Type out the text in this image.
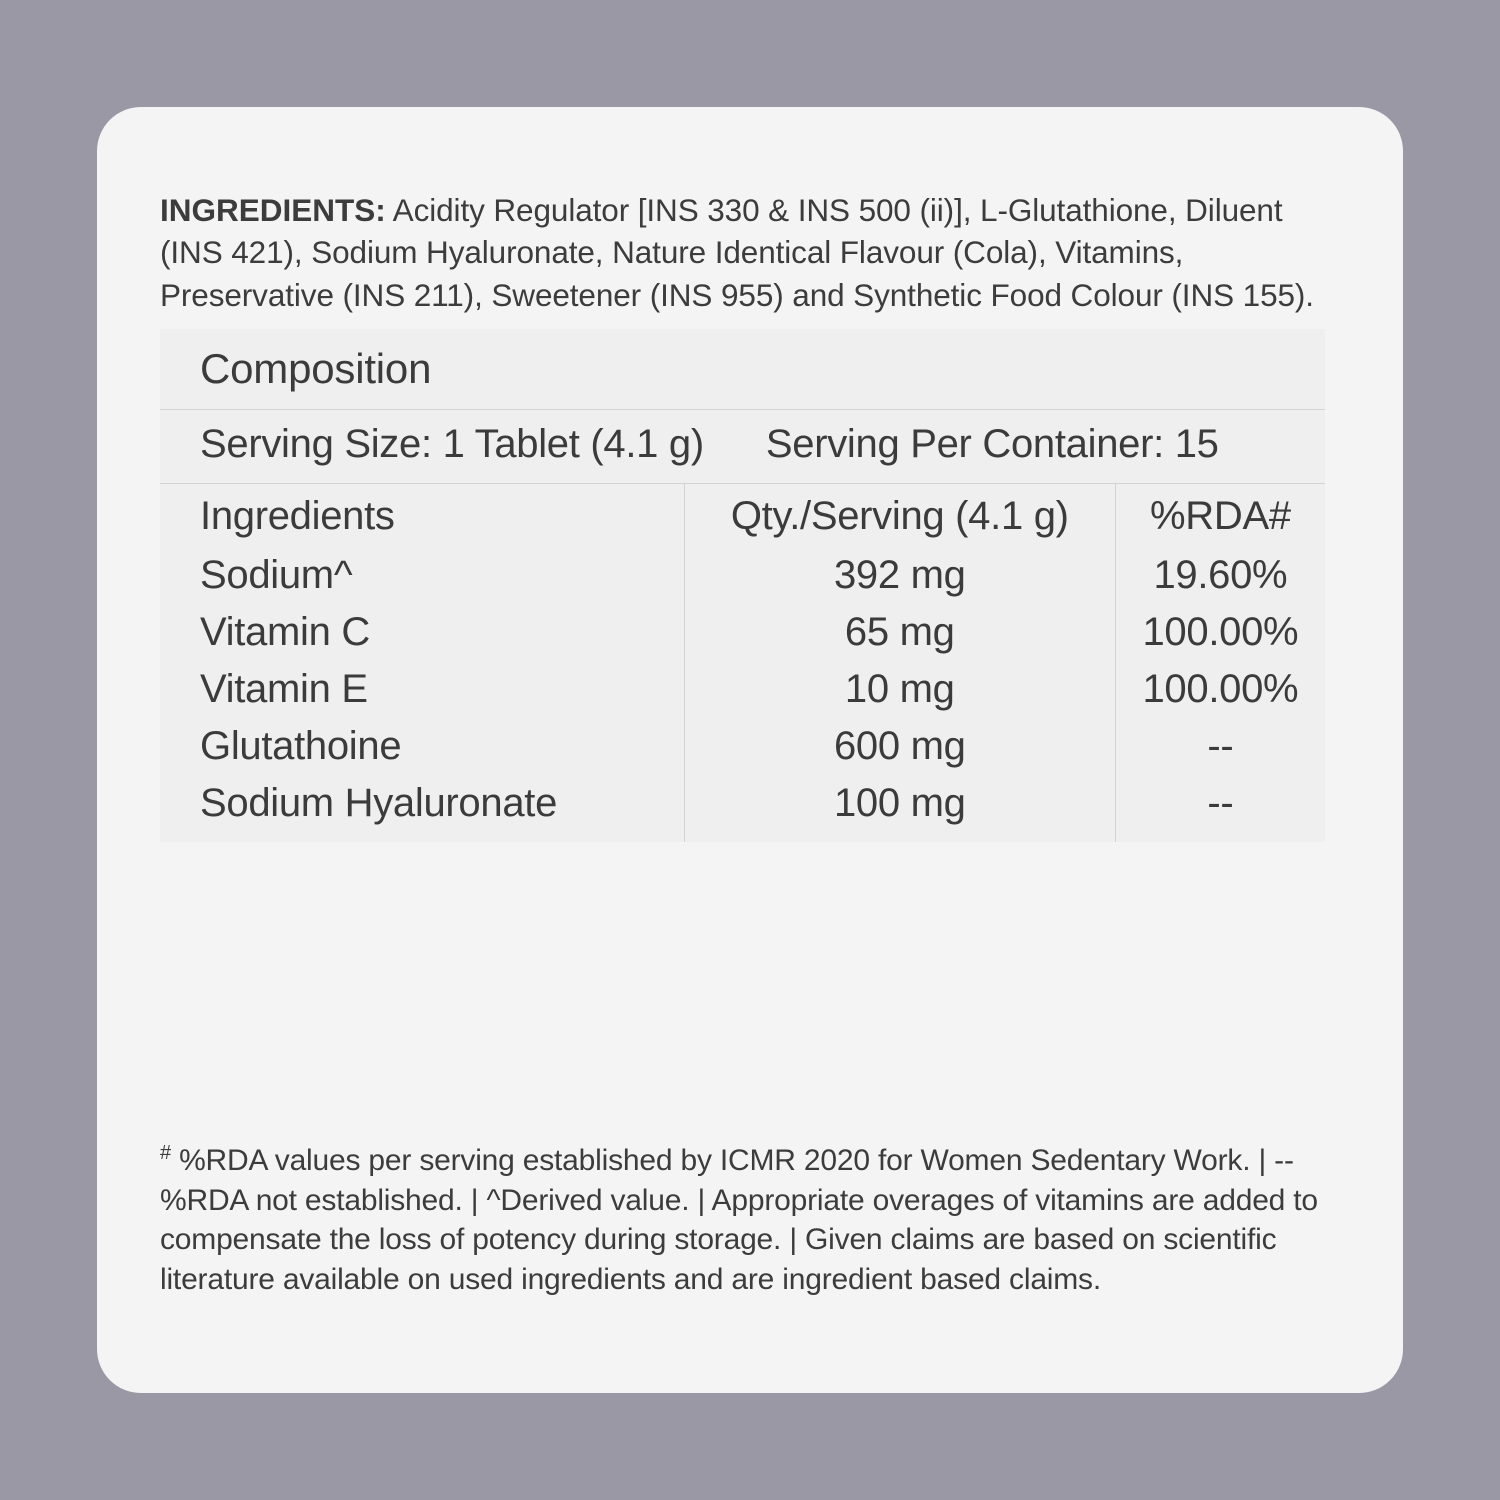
INGREDIENTS: Acidity Regulator [INS 330 & INS 500 (ii)], L-Glutathione, Diluent (INS 421), Sodium Hyaluronate, Nature Identical Flavour (Cola), Vitamins, Preservative (INS 211), Sweetener (INS 955) and Synthetic Food Colour (INS 155).

Composition
Serving Size: 1 Tablet (4.1 g)	Serving Per Container: 15
Ingredients	Qty./Serving (4.1 g)	%RDA#
Sodium^	392 mg	19.60%
Vitamin C	65 mg	100.00%
Vitamin E	10 mg	100.00%
Glutathoine	600 mg	--
Sodium Hyaluronate	100 mg	--

# %RDA values per serving established by ICMR 2020 for Women Sedentary Work. | -- %RDA not established. | ^Derived value. | Appropriate overages of vitamins are added to compensate the loss of potency during storage. | Given claims are based on scientific literature available on used ingredients and are ingredient based claims.
